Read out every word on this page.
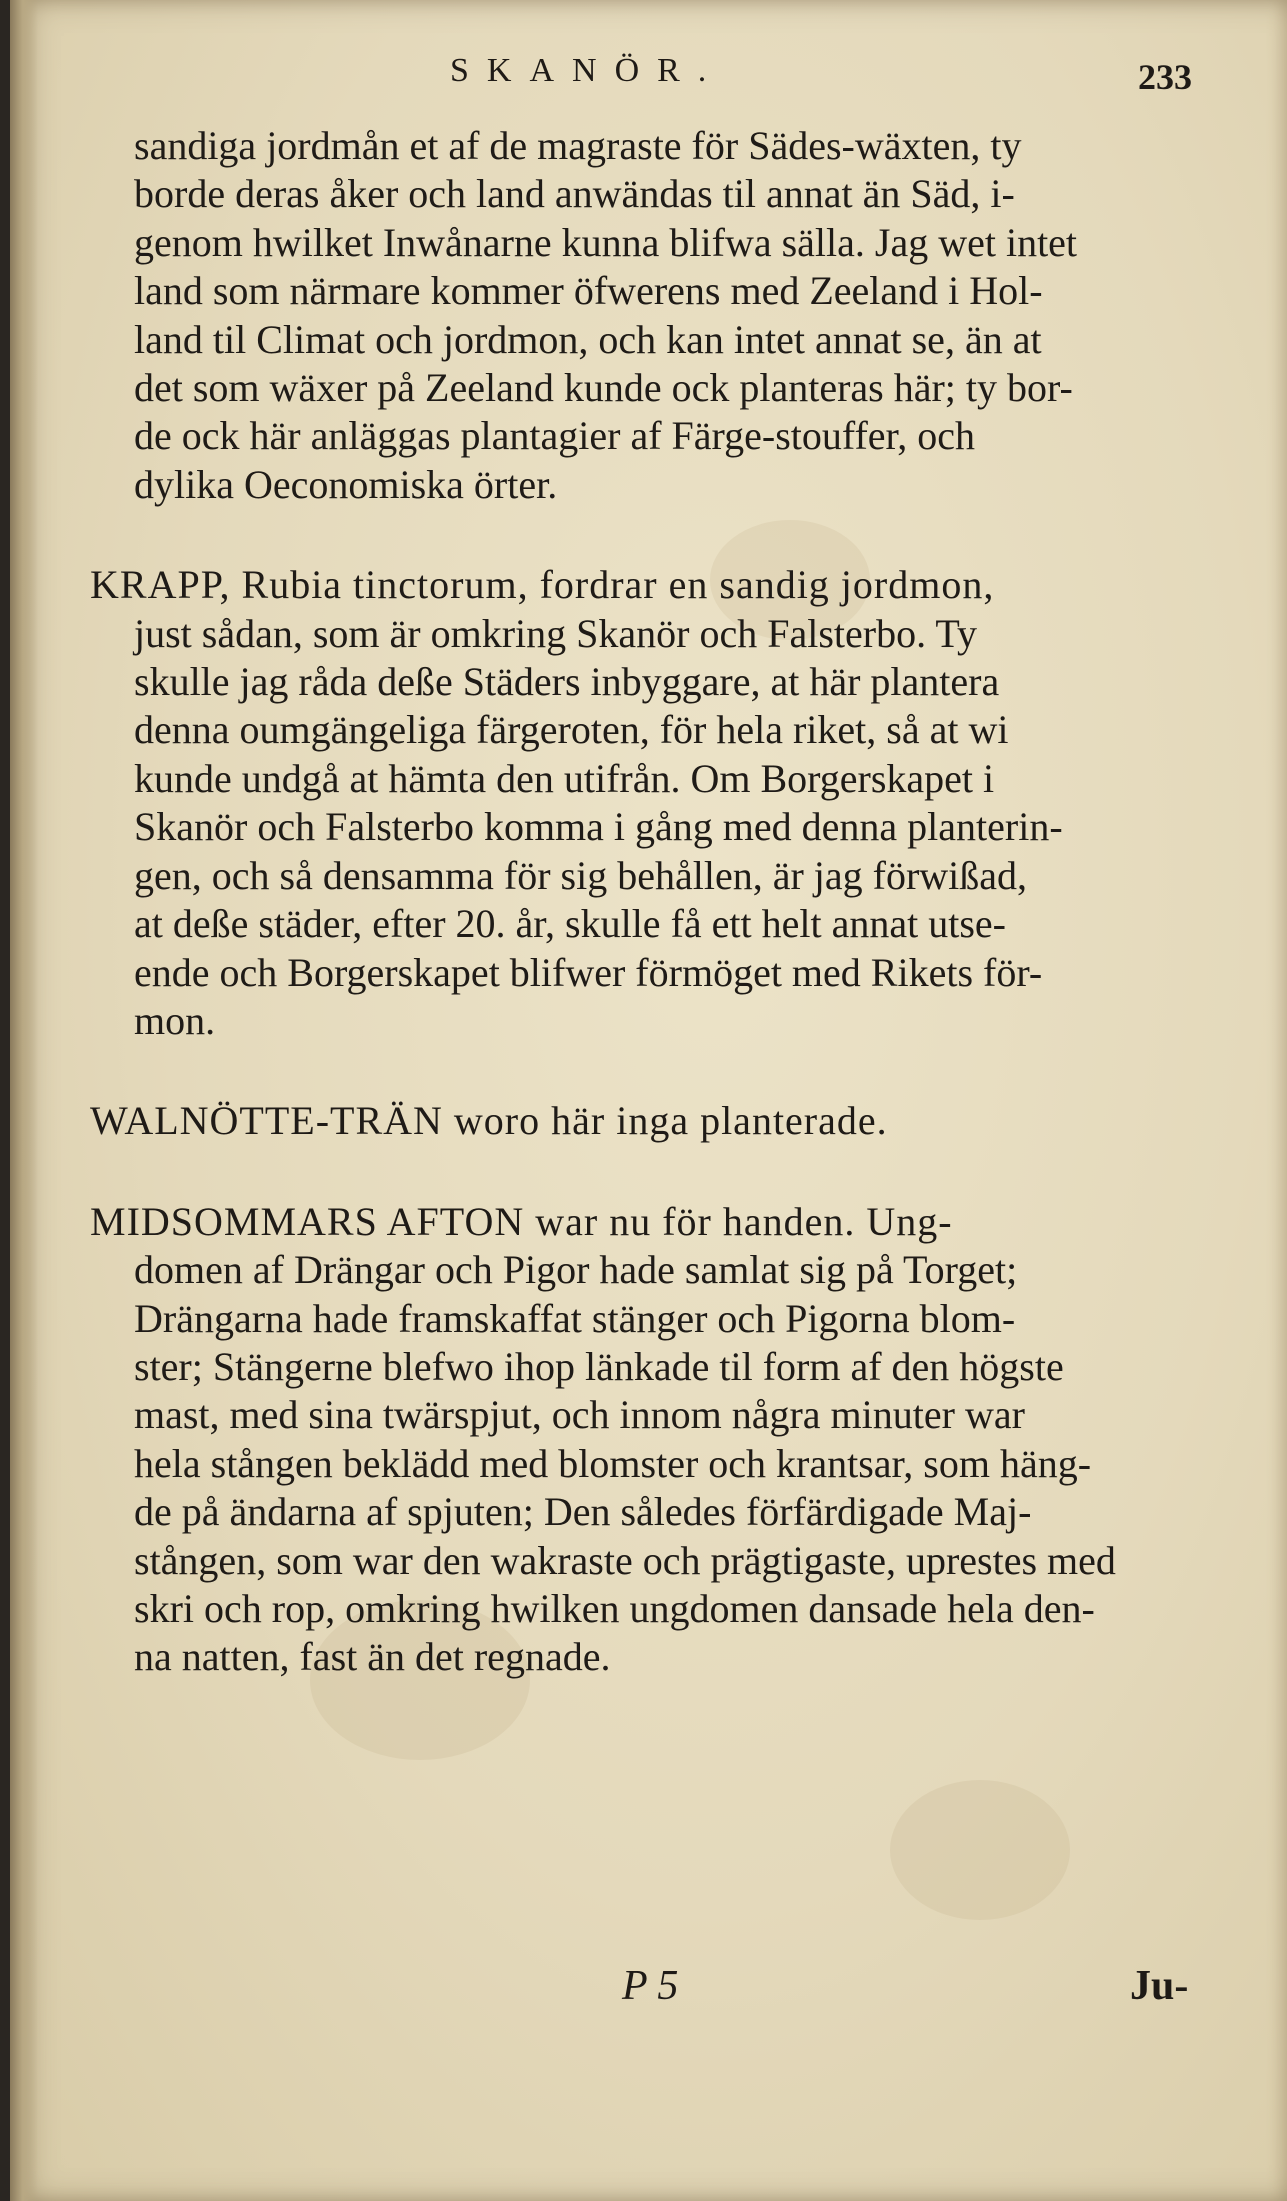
SKANÖR.	233

sandiga jordmån et af de magraste för Sädes-wäxten, ty
borde deras åker och land anwändas til annat än Säd, i-
genom hwilket Inwånarne kunna blifwa sälla. Jag wet intet
land som närmare kommer öfwerens med Zeeland i Hol-
land til Climat och jordmon, och kan intet annat se, än at
det som wäxer på Zeeland kunde ock planteras här; ty bor-
de ock här anläggas plantagier af Färge-stouffer, och
dylika Oeconomiska örter.

KRAPP, Rubia tinctorum, fordrar en sandig jordmon,
just sådan, som är omkring Skanör och Falsterbo. Ty
skulle jag råda deße Städers inbyggare, at här plantera
denna oumgängeliga färgeroten, för hela riket, så at wi
kunde undgå at hämta den utifrån. Om Borgerskapet i
Skanör och Falsterbo komma i gång med denna planterin-
gen, och så densamma för sig behållen, är jag förwißad,
at deße städer, efter 20. år, skulle få ett helt annat utse-
ende och Borgerskapet blifwer förmöget med Rikets för-
mon.

WALNÖTTE-TRÄN woro här inga planterade.

MIDSOMMARS AFTON war nu för handen. Ung-
domen af Drängar och Pigor hade samlat sig på Torget;
Drängarna hade framskaffat stänger och Pigorna blom-
ster; Stängerne blefwo ihop länkade til form af den högste
mast, med sina twärspjut, och innom några minuter war
hela stången beklädd med blomster och krantsar, som häng-
de på ändarna af spjuten; Den således förfärdigade Maj-
stången, som war den wakraste och prägtigaste, uprestes med
skri och rop, omkring hwilken ungdomen dansade hela den-
na natten, fast än det regnade.

P 5	Ju-
